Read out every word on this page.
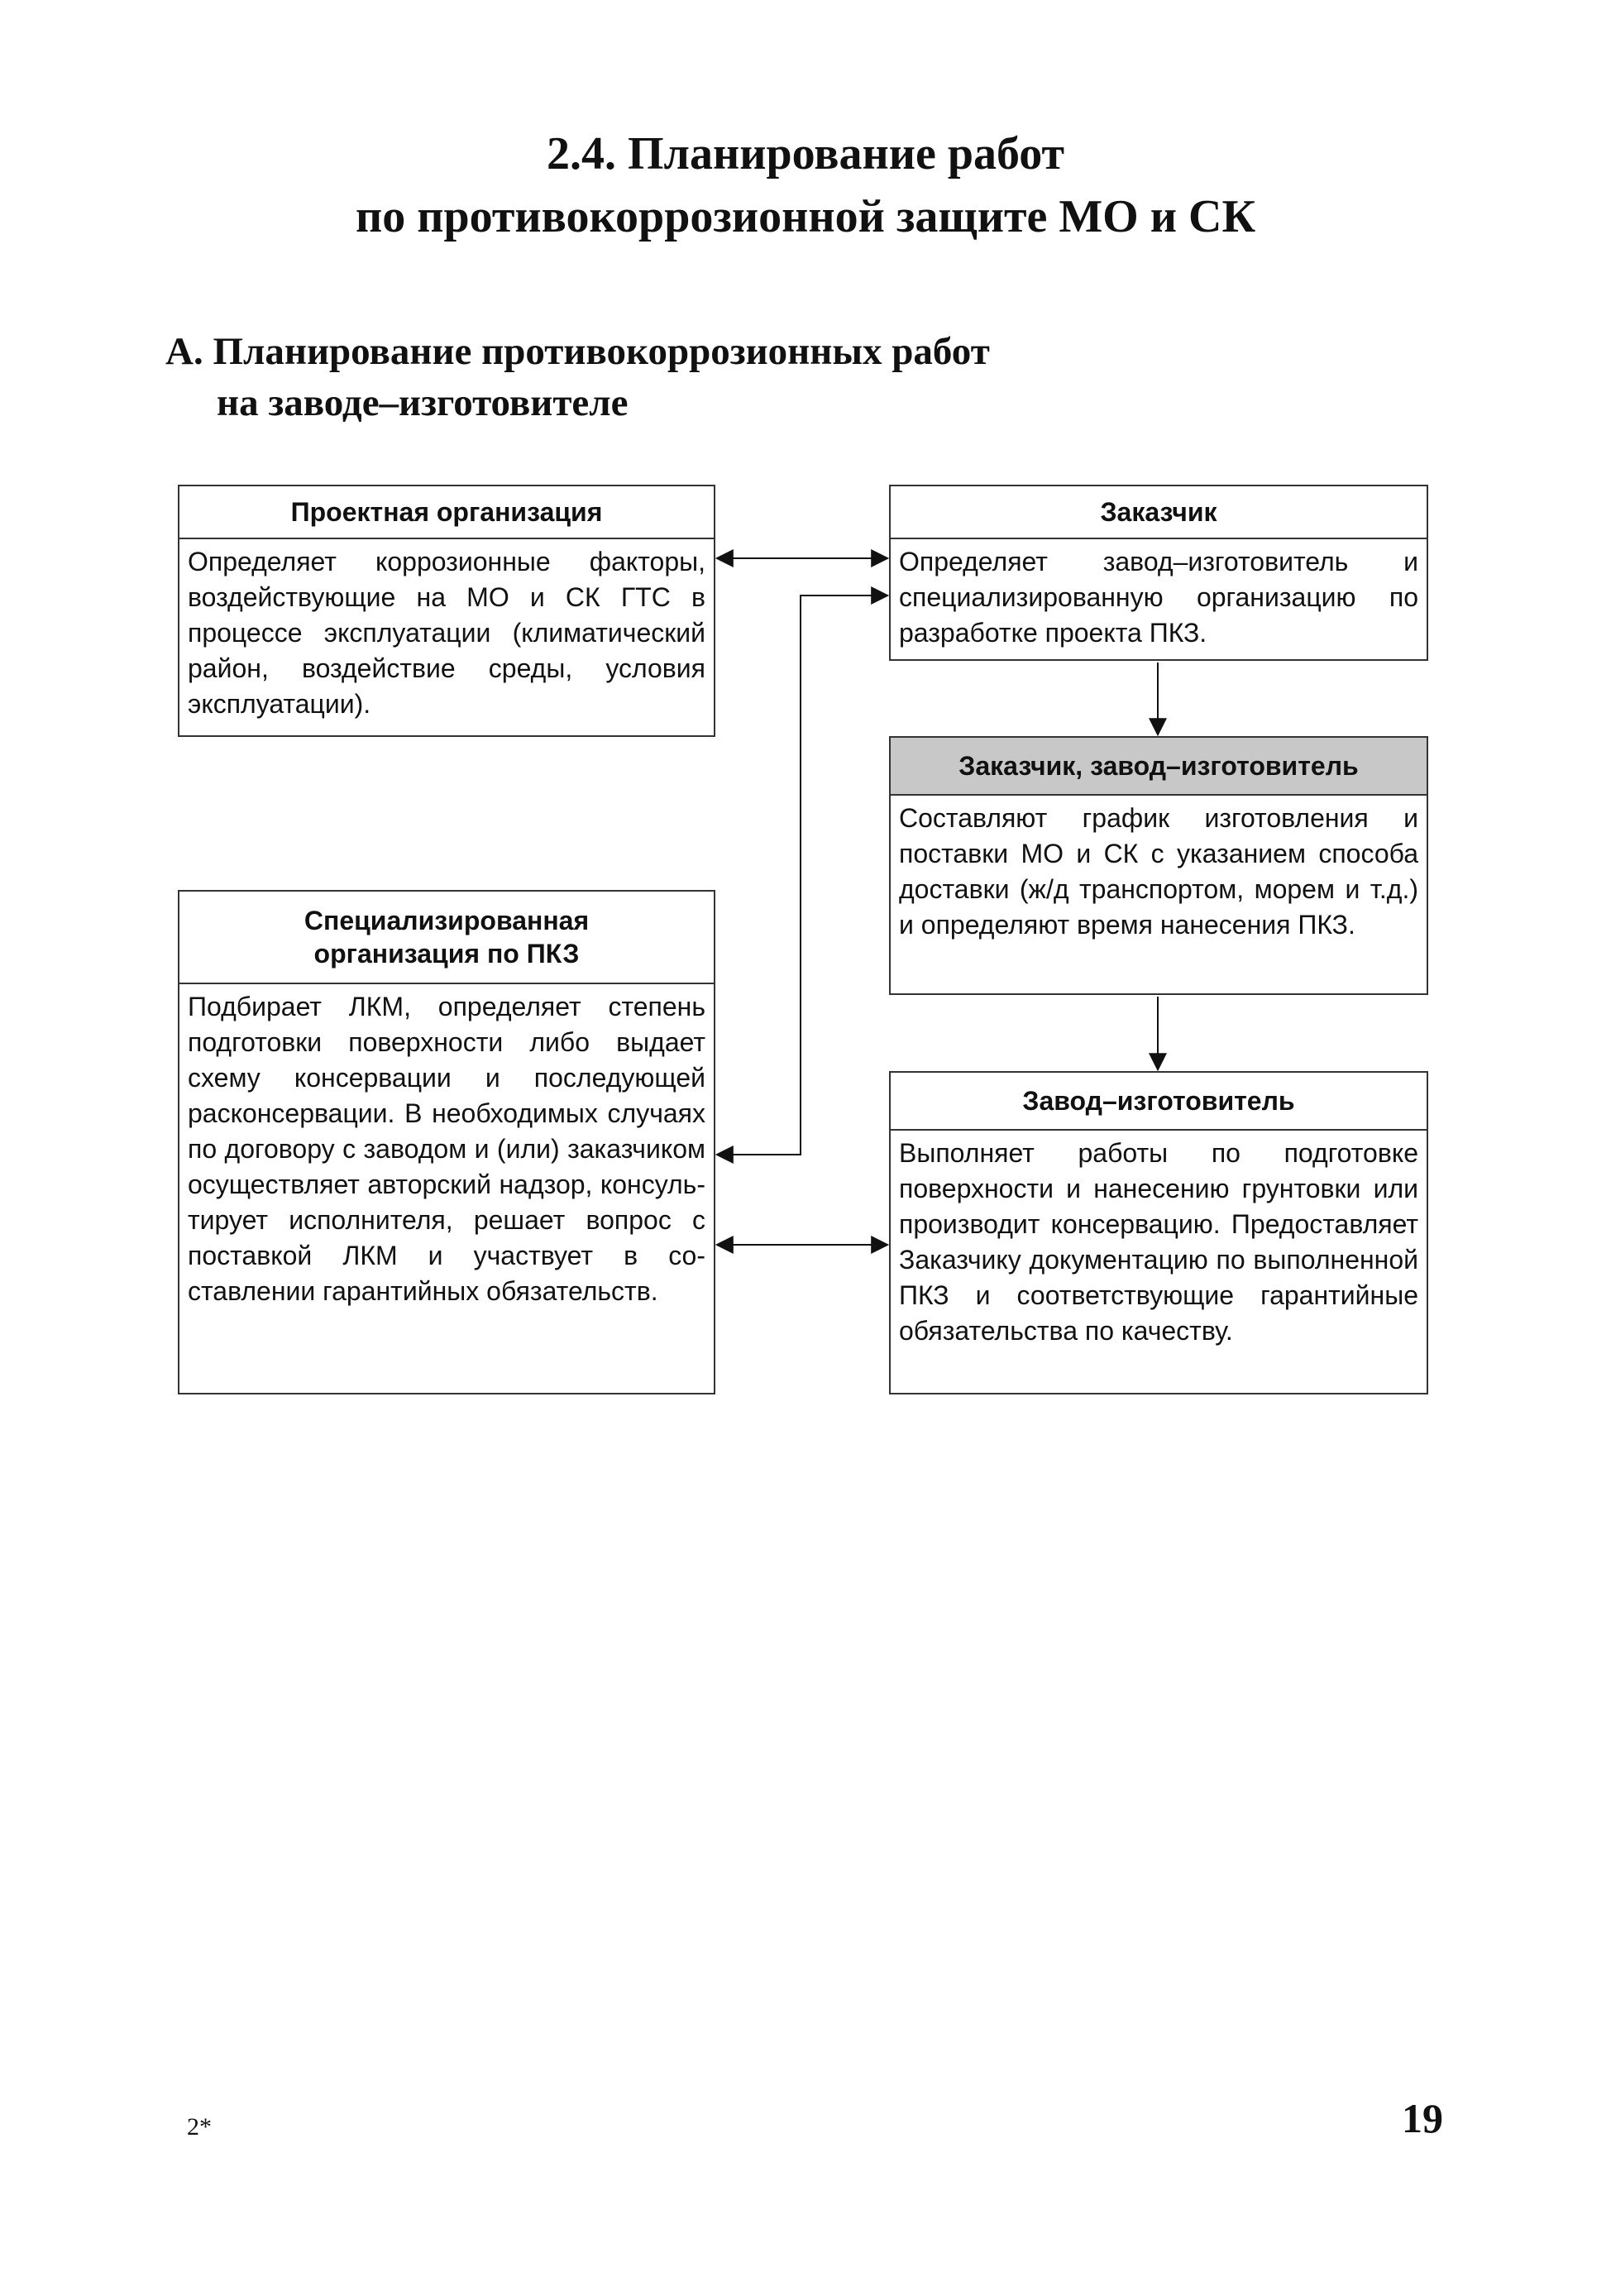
2.4. Планирование работ
по противокоррозионной защите МО и СК
А. Планирование противокоррозионных работ
на заводе–изготовителе
Проектная организация
Определяет коррозионные факторы, воздействующие на МО и СК ГТС в процессе эксплуатации (климатический район, воздействие среды, условия эксплуатации).
Заказчик
Определяет завод–изготовитель и специализированную организацию по разработке проекта ПКЗ.
Заказчик, завод–изготовитель
Составляют график изготовления и поставки МО и СК с указанием способа доставки (ж/д транспортом, морем и т.д.) и определяют время нанесения ПКЗ.
Специализированная
организация по ПКЗ
Подбирает ЛКМ, определяет степень подготовки поверхности либо выдает схему консервации и последующей расконсервации. В необходимых случаях по договору с заводом и (или) заказчиком осуществляет авторский надзор, консультирует исполнителя, решает вопрос с поставкой ЛКМ и участвует в составлении гарантийных обязательств.
Завод–изготовитель
Выполняет работы по подготовке поверхности и нанесению грунтовки или производит консервацию. Предоставляет Заказчику документацию по выполненной ПКЗ и соответствующие гарантийные обязательства по качеству.
2*	19
